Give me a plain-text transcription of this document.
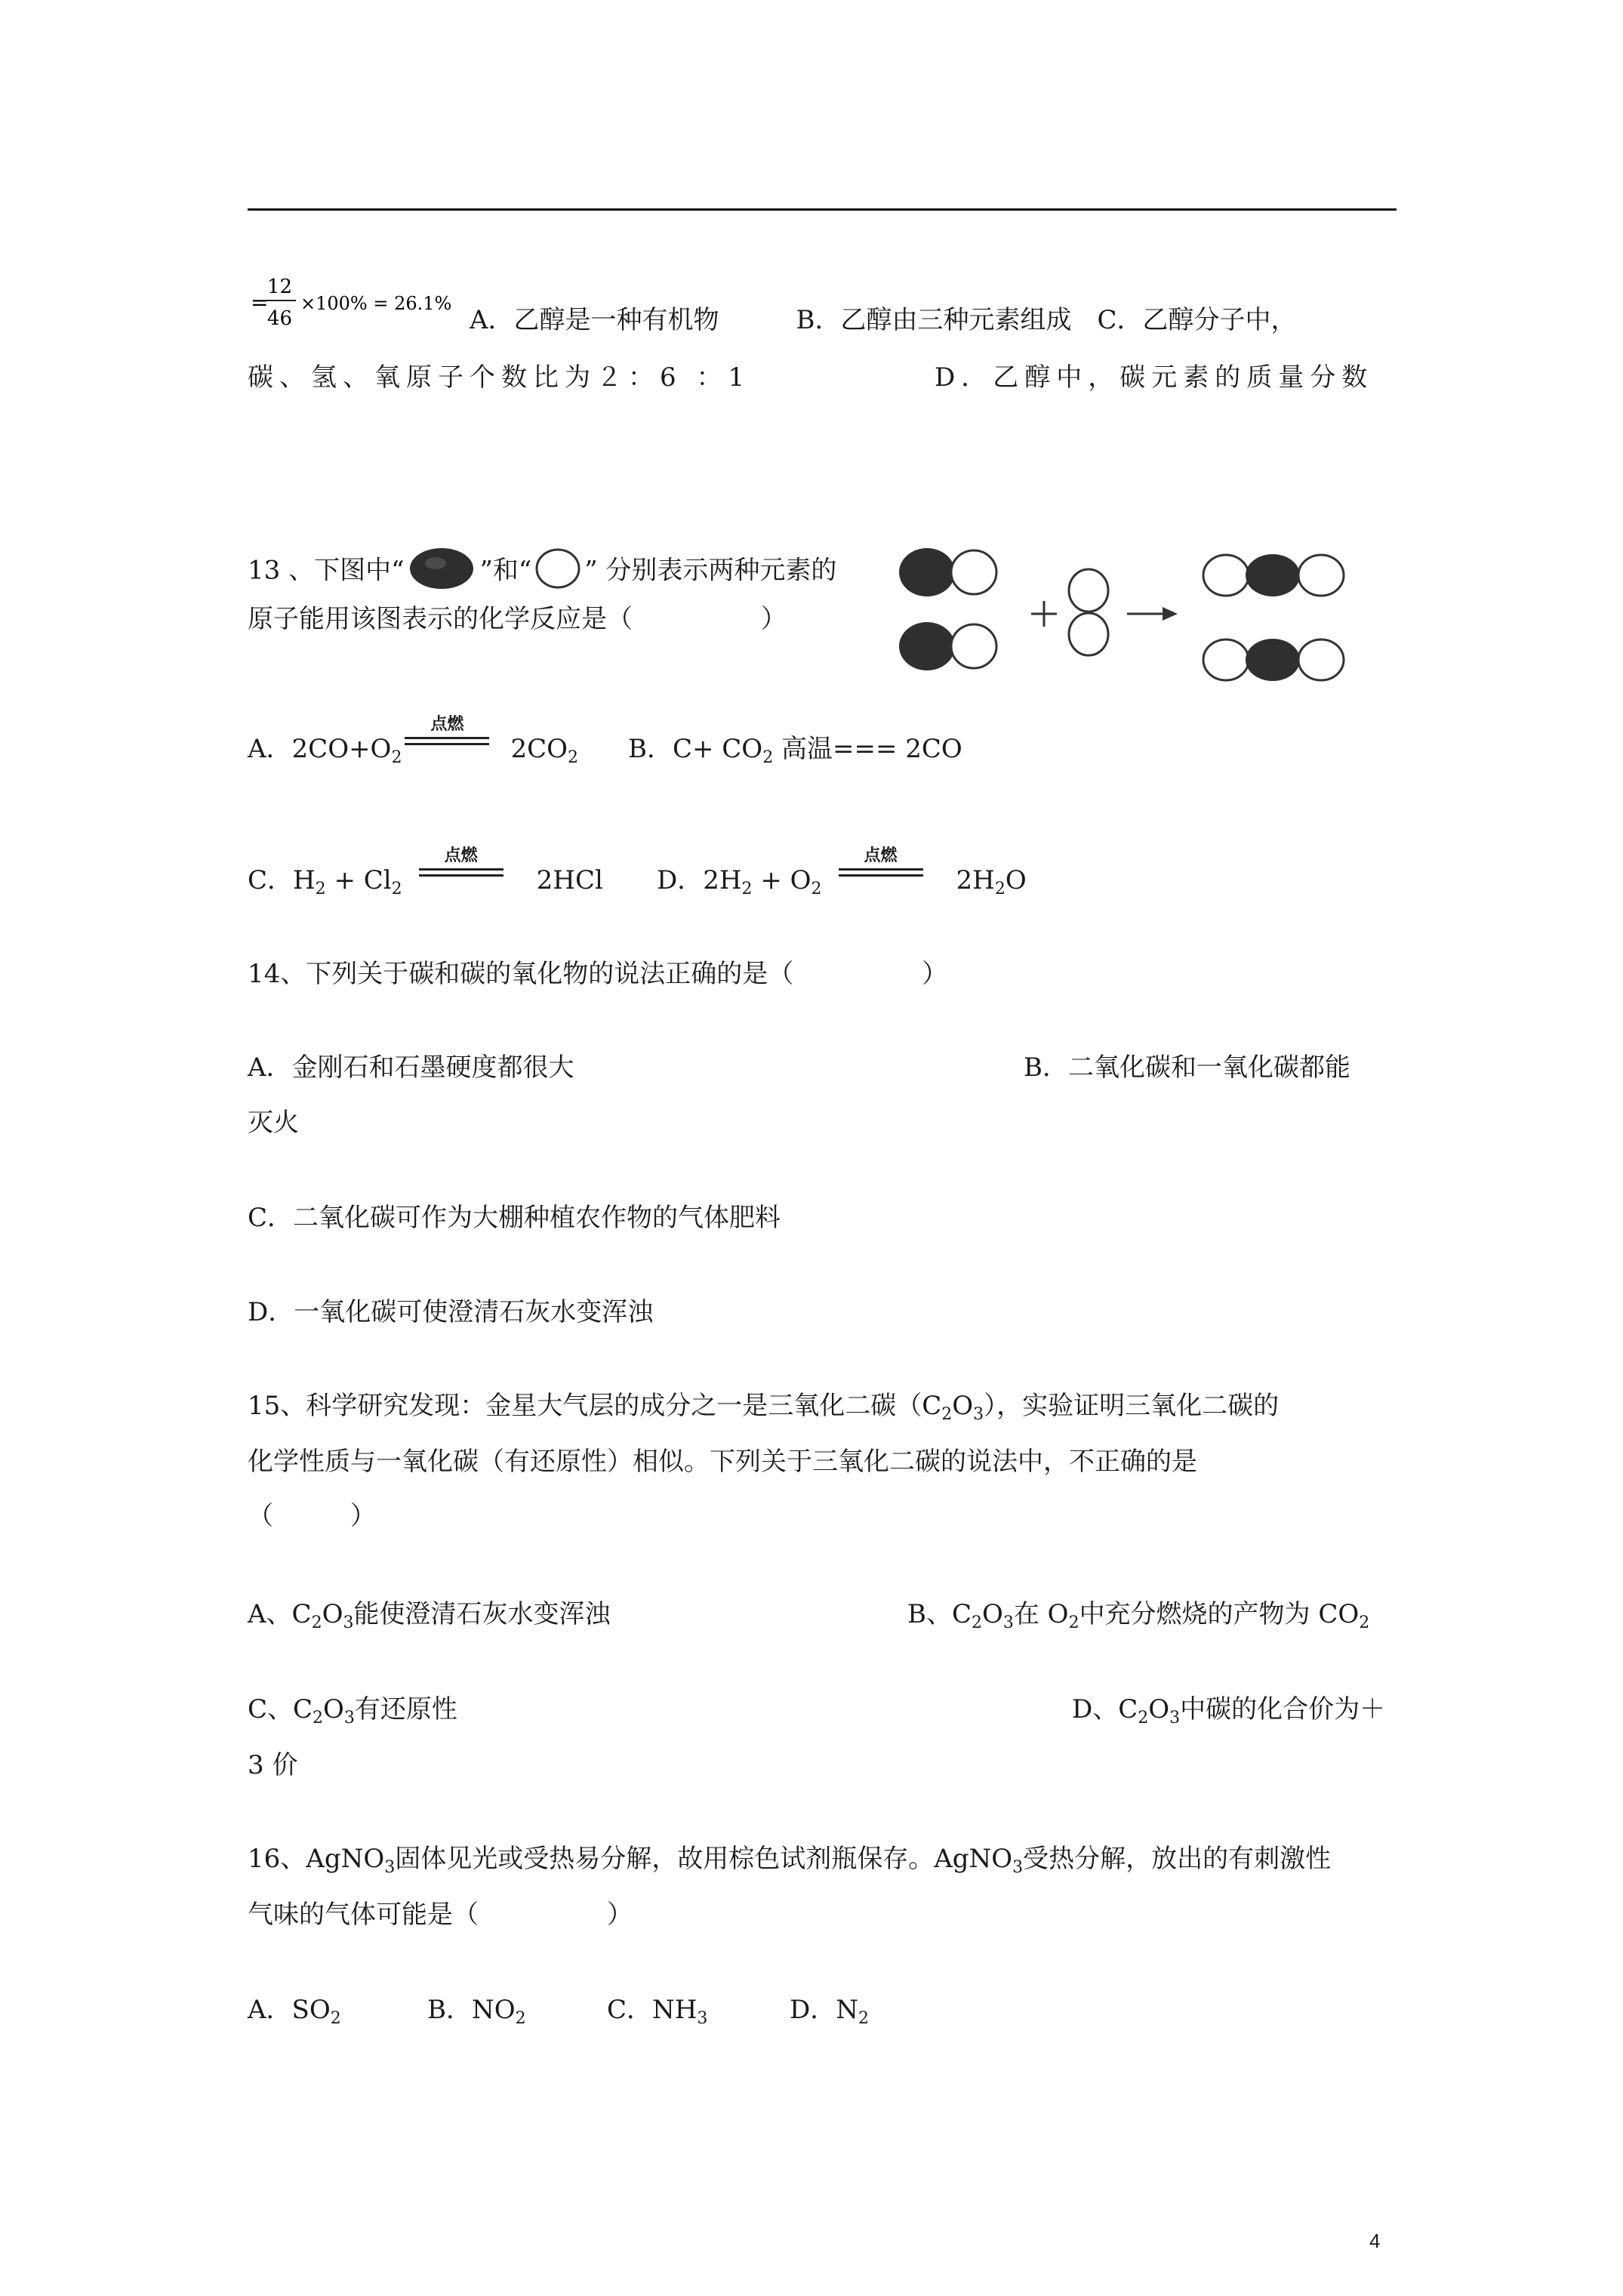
=
12
46
×100% = 26.1%
A．乙醇是一种有机物　　　B．乙醇由三种元素组成　C．乙醇分子中，
碳、氢、氧原子个数比为２：6 ：1	D．乙醇中，碳元素的质量分数
13 、下图中“	”和“ ” 分别表示两种元素的
原子能用该图表示的化学反应是（　　　　　）
A．$2CO+O_2$
点燃
$2CO_2$ B．$C+ CO_2$ 高温=== 2CO
C．$H_2 + Cl_2$
点燃
2HCl D．$2H_2 + O_2$
点燃
$2H_2O$
14、下列关于碳和碳的氧化物的说法正确的是（　　　　　）
A．金刚石和石墨硬度都很大	B．二氧化碳和一氧化碳都能
灭火
C．二氧化碳可作为大棚种植农作物的气体肥料
D．一氧化碳可使澄清石灰水变浑浊
15、科学研究发现：金星大气层的成分之一是三氧化二碳$(C_2O_3)$，实验证明三氧化二碳的
化学性质与一氧化碳（有还原性）相似。下列关于三氧化二碳的说法中，不正确的是
（　　　）
A、$C_2O_3$能使澄清石灰水变浑浊	B、$C_2O_3$在 $O_2$中充分燃烧的产物为 $CO_2$
C、$C_2O_3$有还原性	D、$C_2O_3$中碳的化合价为＋
3 价
16、AgNO$_3$固体见光或受热易分解，故用棕色试剂瓶保存。AgNO$_3$受热分解，放出的有刺激性
气味的气体可能是（　　　　　）
A．$SO_2$	B．$NO_2$	C．$NH_3$	D．$N_2$
4
